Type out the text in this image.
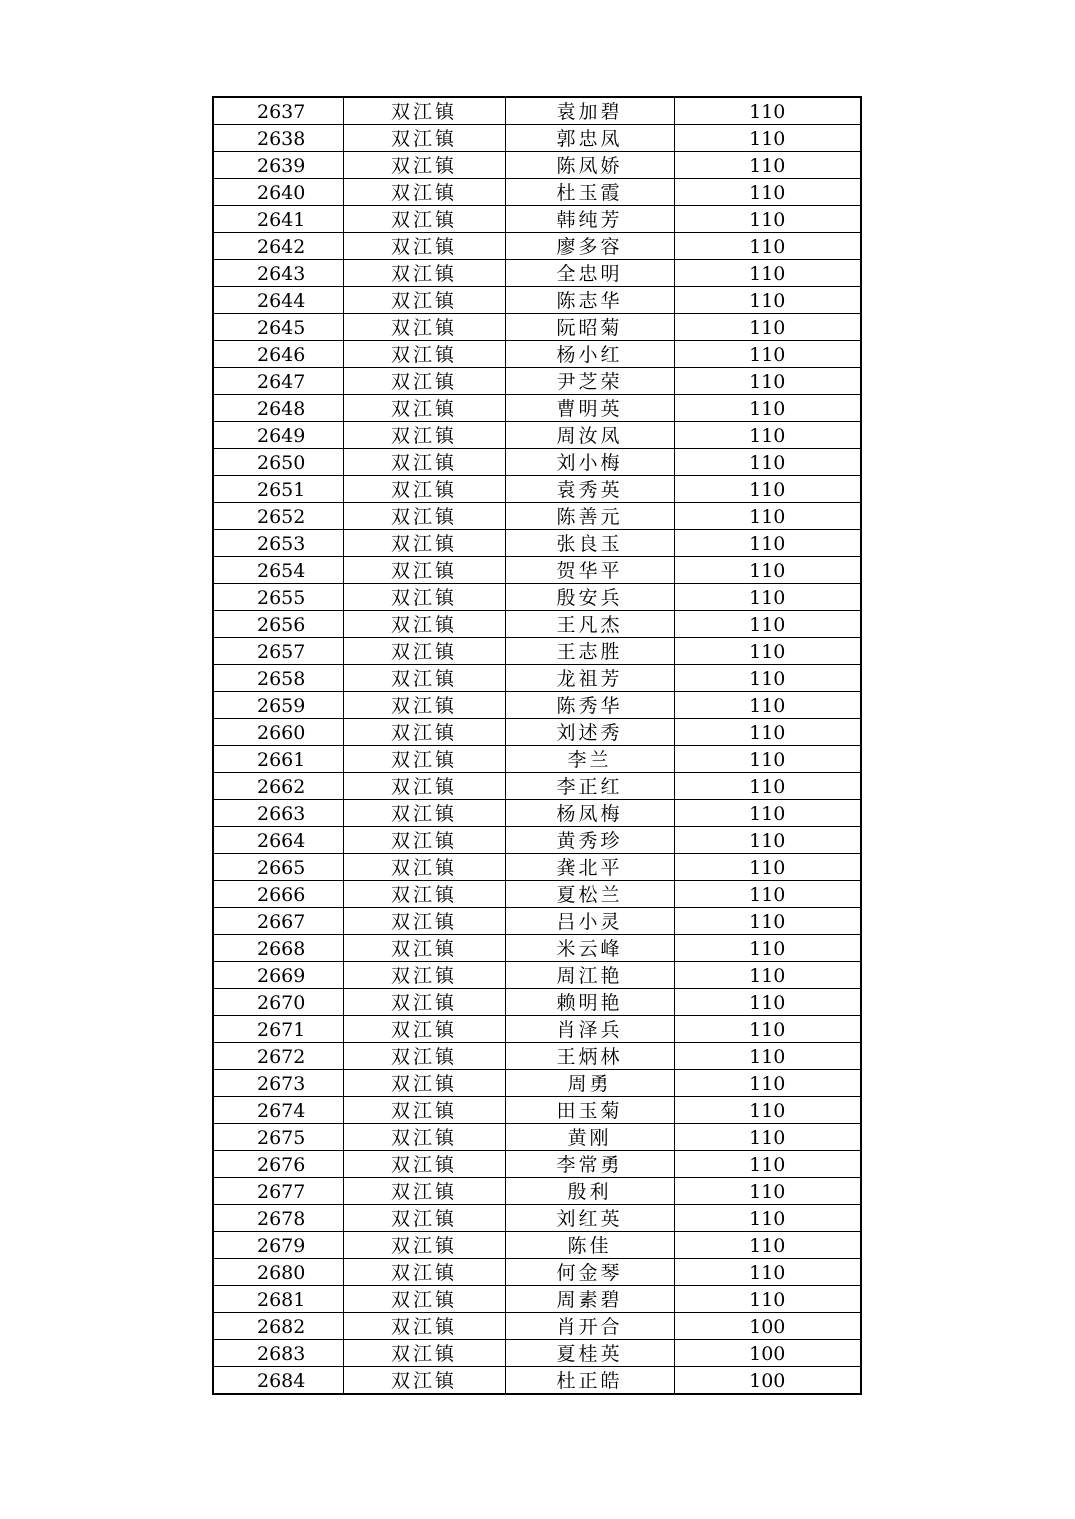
2637	双江镇	袁加碧	110
2638	双江镇	郭忠凤	110
2639	双江镇	陈凤娇	110
2640	双江镇	杜玉霞	110
2641	双江镇	韩纯芳	110
2642	双江镇	廖多容	110
2643	双江镇	全忠明	110
2644	双江镇	陈志华	110
2645	双江镇	阮昭菊	110
2646	双江镇	杨小红	110
2647	双江镇	尹芝荣	110
2648	双江镇	曹明英	110
2649	双江镇	周汝凤	110
2650	双江镇	刘小梅	110
2651	双江镇	袁秀英	110
2652	双江镇	陈善元	110
2653	双江镇	张良玉	110
2654	双江镇	贺华平	110
2655	双江镇	殷安兵	110
2656	双江镇	王凡杰	110
2657	双江镇	王志胜	110
2658	双江镇	龙祖芳	110
2659	双江镇	陈秀华	110
2660	双江镇	刘述秀	110
2661	双江镇	李兰	110
2662	双江镇	李正红	110
2663	双江镇	杨凤梅	110
2664	双江镇	黄秀珍	110
2665	双江镇	龚北平	110
2666	双江镇	夏松兰	110
2667	双江镇	吕小灵	110
2668	双江镇	米云峰	110
2669	双江镇	周江艳	110
2670	双江镇	赖明艳	110
2671	双江镇	肖泽兵	110
2672	双江镇	王炳林	110
2673	双江镇	周勇	110
2674	双江镇	田玉菊	110
2675	双江镇	黄刚	110
2676	双江镇	李常勇	110
2677	双江镇	殷利	110
2678	双江镇	刘红英	110
2679	双江镇	陈佳	110
2680	双江镇	何金琴	110
2681	双江镇	周素碧	110
2682	双江镇	肖开合	100
2683	双江镇	夏桂英	100
2684	双江镇	杜正皓	100
